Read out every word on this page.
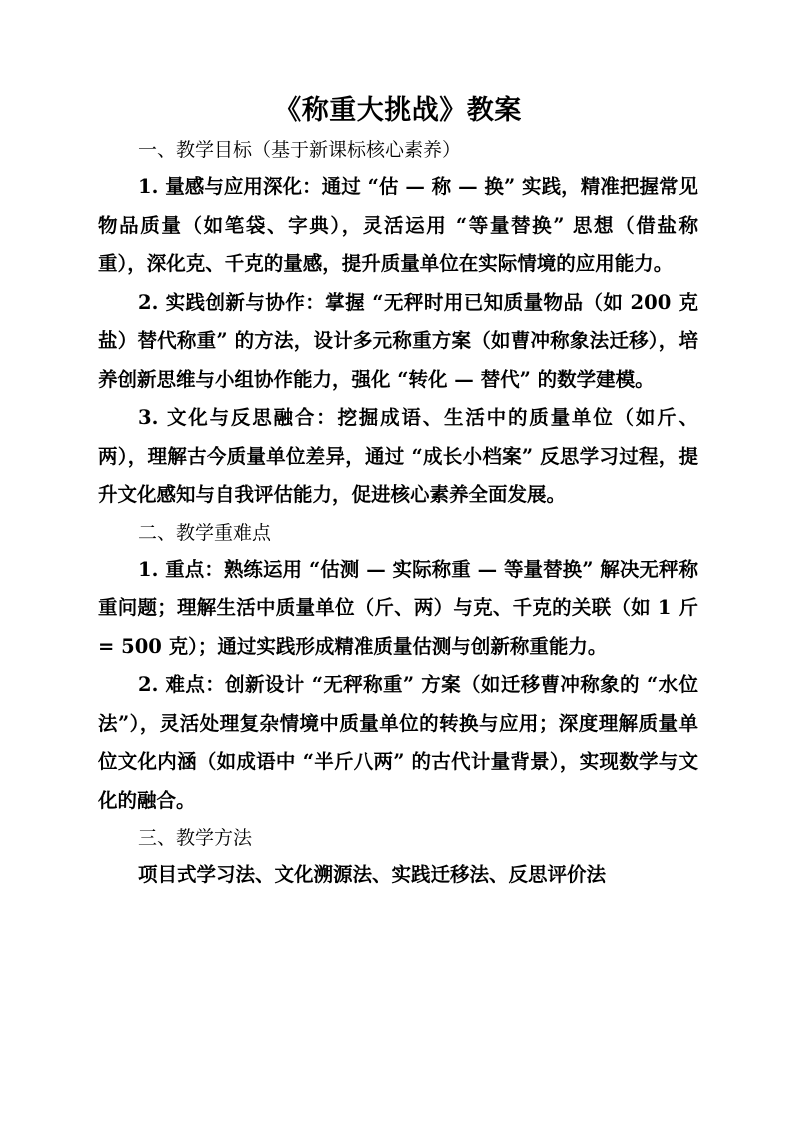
《称重大挑战》教案

一、教学目标（基于新课标核心素养）

1. 量感与应用深化：通过 “估 — 称 — 换” 实践，精准把握常见物品质量（如笔袋、字典），灵活运用 “等量替换” 思想（借盐称重），深化克、千克的量感，提升质量单位在实际情境的应用能力。

2. 实践创新与协作：掌握 “无秤时用已知质量物品（如 200 克盐）替代称重” 的方法，设计多元称重方案（如曹冲称象法迁移），培养创新思维与小组协作能力，强化 “转化 — 替代” 的数学建模。

3. 文化与反思融合：挖掘成语、生活中的质量单位（如斤、两），理解古今质量单位差异，通过 “成长小档案” 反思学习过程，提升文化感知与自我评估能力，促进核心素养全面发展。

二、教学重难点

1. 重点：熟练运用 “估测 — 实际称重 — 等量替换” 解决无秤称重问题；理解生活中质量单位（斤、两）与克、千克的关联（如 1 斤 = 500 克）；通过实践形成精准质量估测与创新称重能力。

2. 难点：创新设计 “无秤称重” 方案（如迁移曹冲称象的 “水位法”），灵活处理复杂情境中质量单位的转换与应用；深度理解质量单位文化内涵（如成语中 “半斤八两” 的古代计量背景），实现数学与文化的融合。

三、教学方法

项目式学习法、文化溯源法、实践迁移法、反思评价法
